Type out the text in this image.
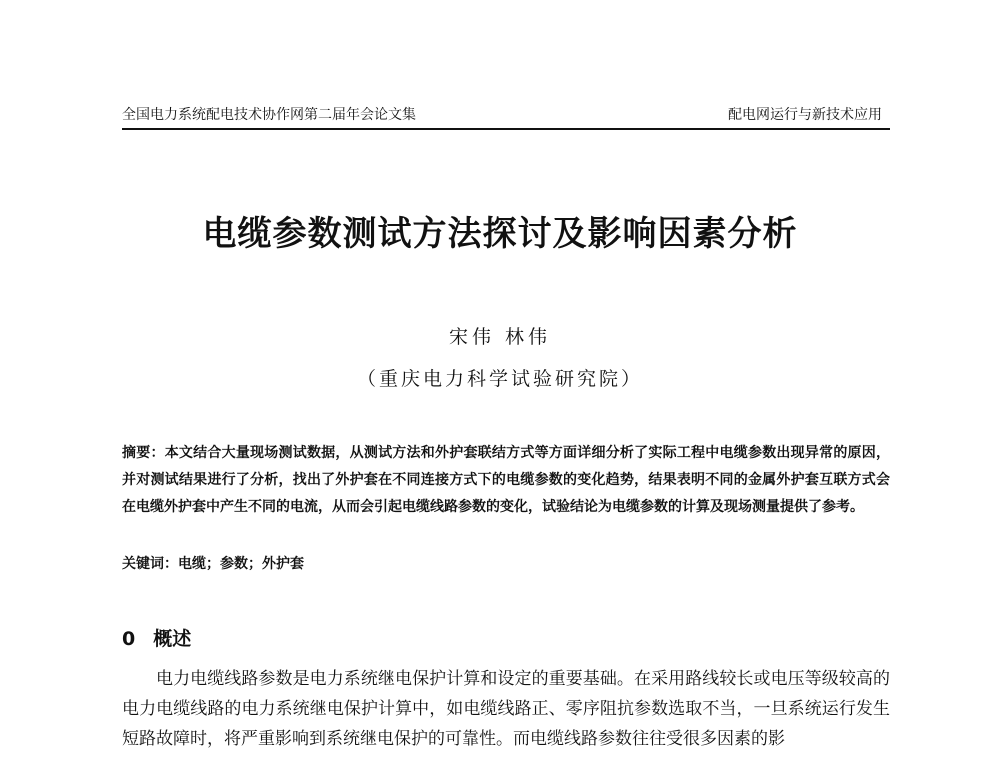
全国电力系统配电技术协作网第二届年会论文集	配电网运行与新技术应用
电缆参数测试方法探讨及影响因素分析
宋伟 林伟
（重庆电力科学试验研究院）
摘要：本文结合大量现场测试数据，从测试方法和外护套联结方式等方面详细分析了实际工程中电缆参数出现异常的原因，并对测试结果进行了分析，找出了外护套在不同连接方式下的电缆参数的变化趋势，结果表明不同的金属外护套互联方式会在电缆外护套中产生不同的电流，从而会引起电缆线路参数的变化，试验结论为电缆参数的计算及现场测量提供了参考。
关键词：电缆；参数；外护套
0 概述
电力电缆线路参数是电力系统继电保护计算和设定的重要基础。在采用路线较长或电压等级较高的电力电缆线路的电力系统继电保护计算中，如电缆线路正、零序阻抗参数选取不当，一旦系统运行发生短路故障时，将严重影响到系统继电保护的可靠性。而电缆线路参数往往受很多因素的影
